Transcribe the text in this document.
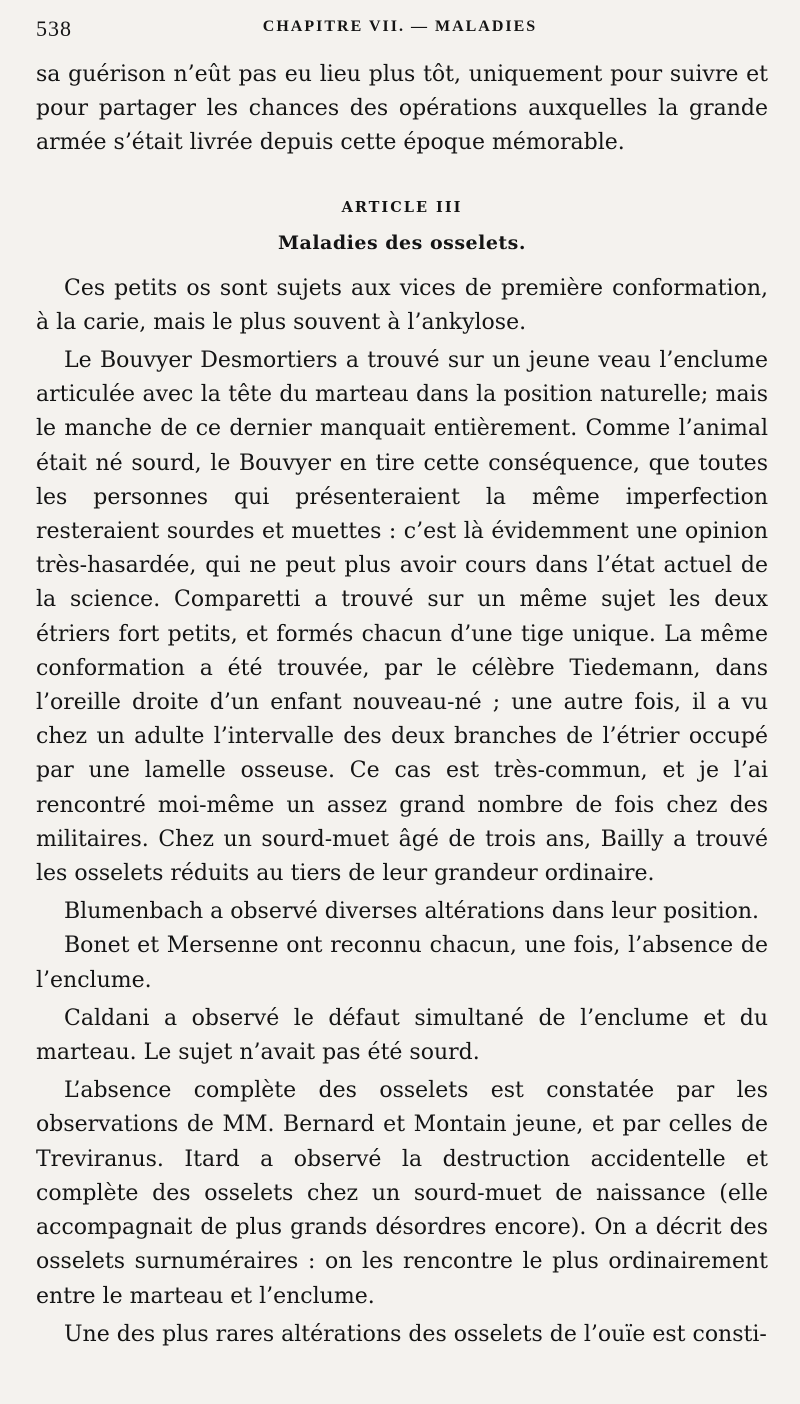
538	CHAPITRE VII. — MALADIES

sa guérison n’eût pas eu lieu plus tôt, uniquement pour suivre et pour partager les chances des opérations auxquelles la grande armée s’était livrée depuis cette époque mémorable.

ARTICLE III
Maladies des osselets.

Ces petits os sont sujets aux vices de première conformation, à la carie, mais le plus souvent à l’ankylose.

Le Bouvyer Desmortiers a trouvé sur un jeune veau l’enclume articulée avec la tête du marteau dans la position naturelle; mais le manche de ce dernier manquait entièrement. Comme l’animal était né sourd, le Bouvyer en tire cette conséquence, que toutes les personnes qui présenteraient la même imperfection resteraient sourdes et muettes : c’est là évidemment une opinion très-hasardée, qui ne peut plus avoir cours dans l’état actuel de la science. Comparetti a trouvé sur un même sujet les deux étriers fort petits, et formés chacun d’une tige unique. La même conformation a été trouvée, par le célèbre Tiedemann, dans l’oreille droite d’un enfant nouveau-né ; une autre fois, il a vu chez un adulte l’intervalle des deux branches de l’étrier occupé par une lamelle osseuse. Ce cas est très-commun, et je l’ai rencontré moi-même un assez grand nombre de fois chez des militaires. Chez un sourd-muet âgé de trois ans, Bailly a trouvé les osselets réduits au tiers de leur grandeur ordinaire.

Blumenbach a observé diverses altérations dans leur position.

Bonet et Mersenne ont reconnu chacun, une fois, l’absence de l’enclume.

Caldani a observé le défaut simultané de l’enclume et du marteau. Le sujet n’avait pas été sourd.

L’absence complète des osselets est constatée par les observations de MM. Bernard et Montain jeune, et par celles de Treviranus. Itard a observé la destruction accidentelle et complète des osselets chez un sourd-muet de naissance (elle accompagnait de plus grands désordres encore). On a décrit des osselets surnuméraires : on les rencontre le plus ordinairement entre le marteau et l’enclume.

Une des plus rares altérations des osselets de l’ouïe est consti-
